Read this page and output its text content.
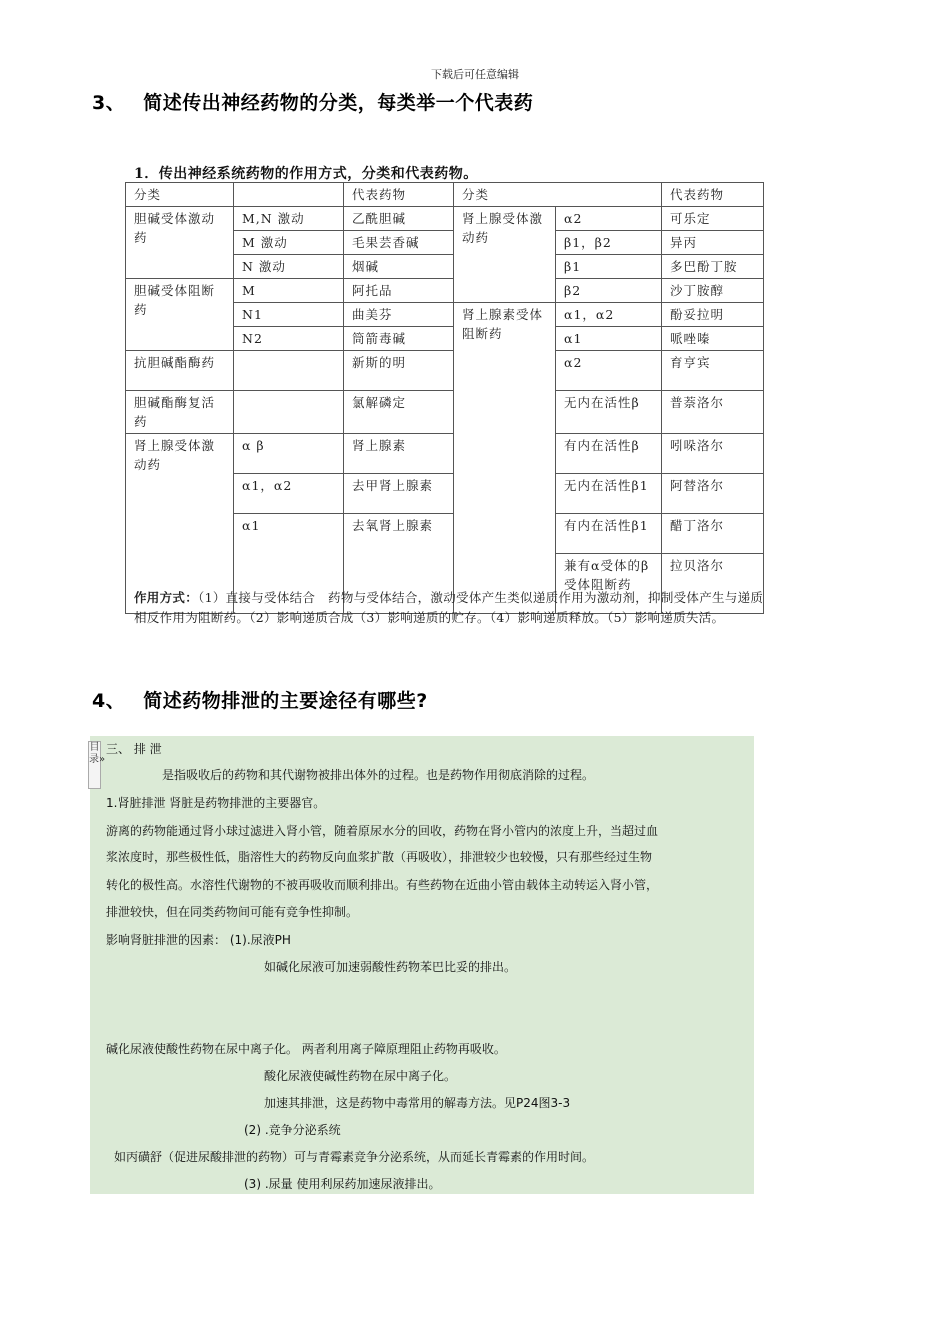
下载后可任意编辑
3、 简述传出神经药物的分类，每类举一个代表药
1．传出神经系统药物的作用方式，分类和代表药物。
分类		代表药物	分类		代表药物
胆碱受体激动药	M,N 激动	乙酰胆碱	肾上腺受体激动药	α2	可乐定
	M 激动	毛果芸香碱		β1，β2	异丙
	N 激动	烟碱		β1	多巴酚丁胺
胆碱受体阻断药	M	阿托品		β2	沙丁胺醇
	N1	曲美芬	肾上腺素受体阻断药	α1，α2	酚妥拉明
	N2	筒箭毒碱		α1	哌唑嗪
抗胆碱酯酶药		新斯的明		α2	育亨宾
胆碱酯酶复活药		氯解磷定		无内在活性β	普萘洛尔
肾上腺受体激动药	α β	肾上腺素		有内在活性β	吲哚洛尔
	α1，α2	去甲肾上腺素		无内在活性β1	阿替洛尔
	α1	去氧肾上腺素		有内在活性β1	醋丁洛尔
				兼有α受体的β受体阻断药	拉贝洛尔
作用方式：（1）直接与受体结合　药物与受体结合，激动受体产生类似递质作用为激动剂，抑制受体产生与递质相反作用为阻断药。（2）影响递质合成（3）影响递质的贮存。（4）影响递质释放。（5）影响递质失活。
4、 简述药物排泄的主要途径有哪些?
目录»
三、 排 泄
是指吸收后的药物和其代谢物被排出体外的过程。也是药物作用彻底消除的过程。
1.肾脏排泄 肾脏是药物排泄的主要器官。
游离的药物能通过肾小球过滤进入肾小管，随着原尿水分的回收，药物在肾小管内的浓度上升，当超过血
浆浓度时，那些极性低，脂溶性大的药物反向血浆扩散（再吸收），排泄较少也较慢，只有那些经过生物
转化的极性高。水溶性代谢物的不被再吸收而顺利排出。有些药物在近曲小管由载体主动转运入肾小管，
排泄较快，但在同类药物间可能有竞争性抑制。
影响肾脏排泄的因素： (1).尿液PH
如碱化尿液可加速弱酸性药物苯巴比妥的排出。
碱化尿液使酸性药物在尿中离子化。 两者利用离子障原理阻止药物再吸收。
酸化尿液使碱性药物在尿中离子化。
加速其排泄，这是药物中毒常用的解毒方法。见P24图3-3
(2) .竞争分泌系统
如丙磺舒（促进尿酸排泄的药物）可与青霉素竞争分泌系统，从而延长青霉素的作用时间。
(3) .尿量 使用利尿药加速尿液排出。
